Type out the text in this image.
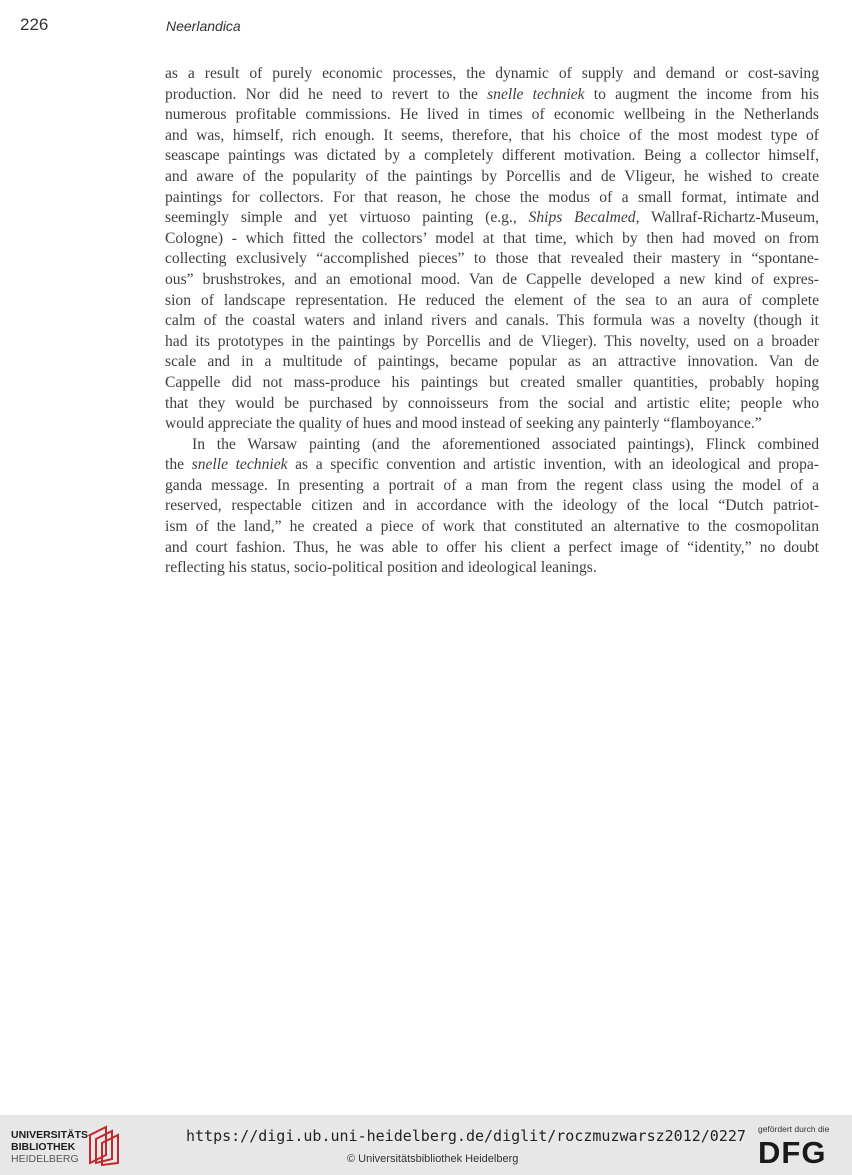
226	Neerlandica
as a result of purely economic processes, the dynamic of supply and demand or cost-saving
production. Nor did he need to revert to the snelle techniek to augment the income from his
numerous profitable commissions. He lived in times of economic wellbeing in the Netherlands
and was, himself, rich enough. It seems, therefore, that his choice of the most modest type of
seascape paintings was dictated by a completely different motivation. Being a collector himself,
and aware of the popularity of the paintings by Porcellis and de Vligeur, he wished to create
paintings for collectors. For that reason, he chose the modus of a small format, intimate and
seemingly simple and yet virtuoso painting (e.g., Ships Becalmed, Wallraf-Richartz-Museum,
Cologne) - which fitted the collectors’ model at that time, which by then had moved on from
collecting exclusively “accomplished pieces” to those that revealed their mastery in “spontane-
ous” brushstrokes, and an emotional mood. Van de Cappelle developed a new kind of expres-
sion of landscape representation. He reduced the element of the sea to an aura of complete
calm of the coastal waters and inland rivers and canals. This formula was a novelty (though it
had its prototypes in the paintings by Porcellis and de Vlieger). This novelty, used on a broader
scale and in a multitude of paintings, became popular as an attractive innovation. Van de
Cappelle did not mass-produce his paintings but created smaller quantities, probably hoping
that they would be purchased by connoisseurs from the social and artistic elite; people who
would appreciate the quality of hues and mood instead of seeking any painterly “flamboyance.”
In the Warsaw painting (and the aforementioned associated paintings), Flinck combined
the snelle techniek as a specific convention and artistic invention, with an ideological and propa-
ganda message. In presenting a portrait of a man from the regent class using the model of a
reserved, respectable citizen and in accordance with the ideology of the local “Dutch patriot-
ism of the land,” he created a piece of work that constituted an alternative to the cosmopolitan
and court fashion. Thus, he was able to offer his client a perfect image of “identity,” no doubt
reflecting his status, socio-political position and ideological leanings.
UNIVERSITÄTS-
BIBLIOTHEK
HEIDELBERG
https://digi.ub.uni-heidelberg.de/diglit/roczmuzwarsz2012/0227
© Universitätsbibliothek Heidelberg
gefördert durch die
DFG
